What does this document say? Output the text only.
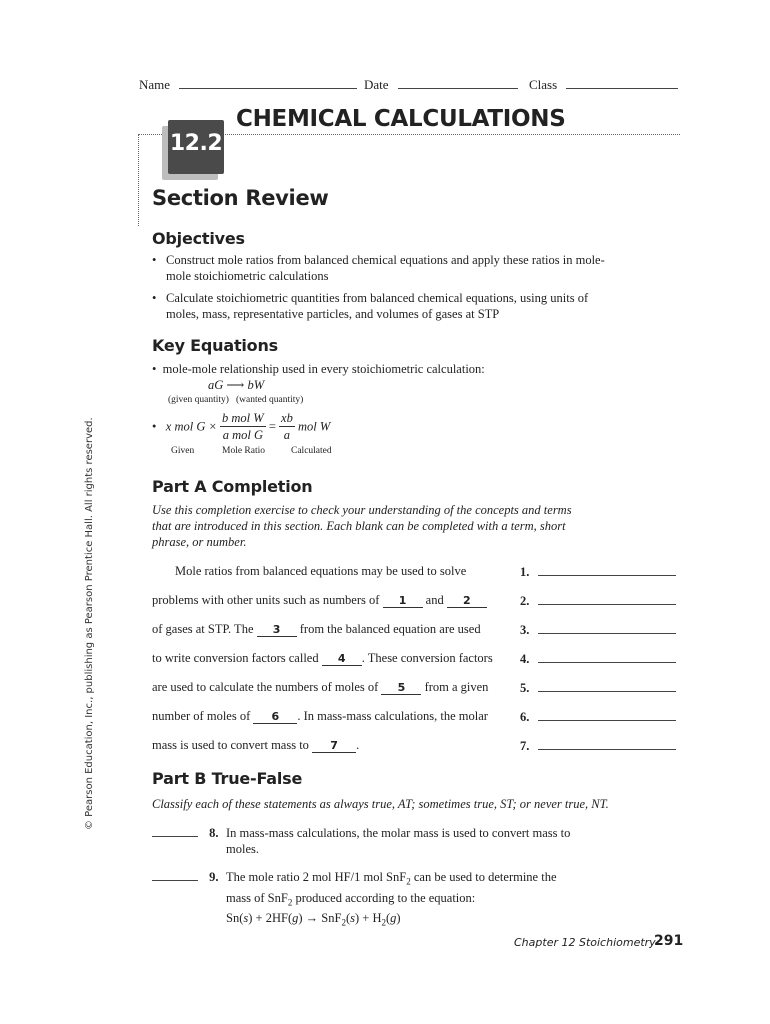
Name	Date	Class
12.2
CHEMICAL CALCULATIONS
Section Review
Objectives
• Construct mole ratios from balanced chemical equations and apply these ratios in mole-mole stoichiometric calculations
• Calculate stoichiometric quantities from balanced chemical equations, using units of moles, mass, representative particles, and volumes of gases at STP
Key Equations
•  mole-mole relationship used in every stoichiometric calculation:
aG ⟶ bW
(given quantity) (wanted quantity)
•   x mol $G \times \frac{\text{b mol W}}{\text{a mol G}} = \frac{xb}{a}$ mol W
Given	Mole Ratio	Calculated
Part A Completion
Use this completion exercise to check your understanding of the concepts and terms that are introduced in this section. Each blank can be completed with a term, short phrase, or number.
Mole ratios from balanced equations may be used to solve
problems with other units such as numbers of 1 and 2
of gases at STP. The 3 from the balanced equation are used
to write conversion factors called 4 . These conversion factors
are used to calculate the numbers of moles of 5 from a given
number of moles of 6 . In mass-mass calculations, the molar
mass is used to convert mass to 7 .
1.
2.
3.
4.
5.
6.
7.
Part B True-False
Classify each of these statements as always true, AT; sometimes true, ST; or never true, NT.
8. In mass-mass calculations, the molar mass is used to convert mass to moles.
9. The mole ratio 2 mol HF/1 mol SnF$_2$ can be used to determine the
mass of SnF$_2$ produced according to the equation:
$Sn(s) + 2HF(g) \to SnF_2(s) + H_2(g)$
Chapter 12 Stoichiometry
291
© Pearson Education, Inc., publishing as Pearson Prentice Hall. All rights reserved.
